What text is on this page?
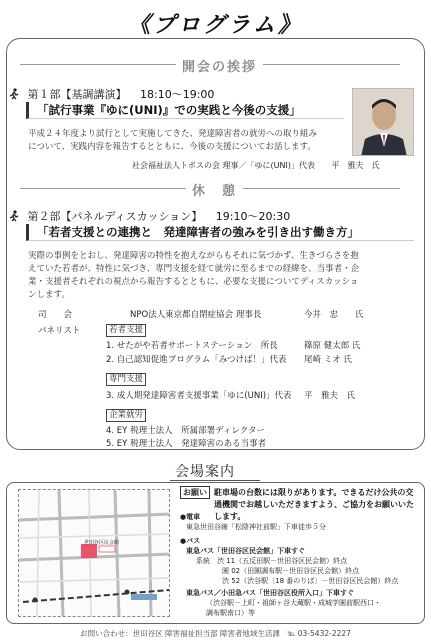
《プログラム》
開会の挨拶
第１部【基調講演】 18:10～19:00
「試行事業『ゆに(UNI)』での実践と今後の支援」
平成２４年度より試行として実施してきた、発達障害者の就労への取り組み
について、実践内容を報告するとともに、今後の支援についてお話します。
社会福祉法人トポスの会 理事／「ゆに(UNI)」代表 平　雅夫　氏
休　憩
第２部【パネルディスカッション】 19:10～20:30
「若者支援との連携と　発達障害者の強みを引き出す働き方」
実際の事例をとおし、発達障害の特性を抱えながらもそれに気づかず、生きづらさを抱
えていた若者が、特性に気づき、専門支援を経て就労に至るまでの経緯を、当事者・企
業・支援者それぞれの視点から報告するとともに、必要な支援についてディスカッショ
ンします。
司　　会	NPO法人東京都自閉症協会 理事長	今井　忠　　氏
パネリスト	若者支援
1. せたがや若者サポートステーション　所長	篠原 健太郎 氏
2. 自己認知促進プログラム「みつけば！」代表 尾崎 ミオ 氏
専門支援
3. 成人期発達障害者支援事業「ゆに(UNI)」代表 平　雅夫　氏
企業就労
4. EY 税理士法人　所属部署ディレクター
5. EY 税理士法人　発達障害のある当事者
会場案内
世田谷区民会館
お願い 駐車場の台数には限りがあります。できるだけ公共の交通機関でお越しいただきますよう、ご協力をお願いいたします。
●電車
東急世田谷線「松陰神社前駅」下車徒歩５分
●バス
東急バス「世田谷区民会館」下車すぐ
系統　渋 11（五反田駅－世田谷区民会館）終点
園 02（田園調布駅－世田谷区民会館）終点
渋 52（渋谷駅〔18 番のりば〕－世田谷区民会館）終点
東急バス／小田急バス「世田谷区役所入口」下車すぐ
（渋谷駅－上町・祖師ヶ谷大蔵駅・成城学園前駅西口・
調布駅南口）等
お問い合わせ：世田谷区 障害福祉担当部 障害者地域生活課　℡ 03-5432-2227
